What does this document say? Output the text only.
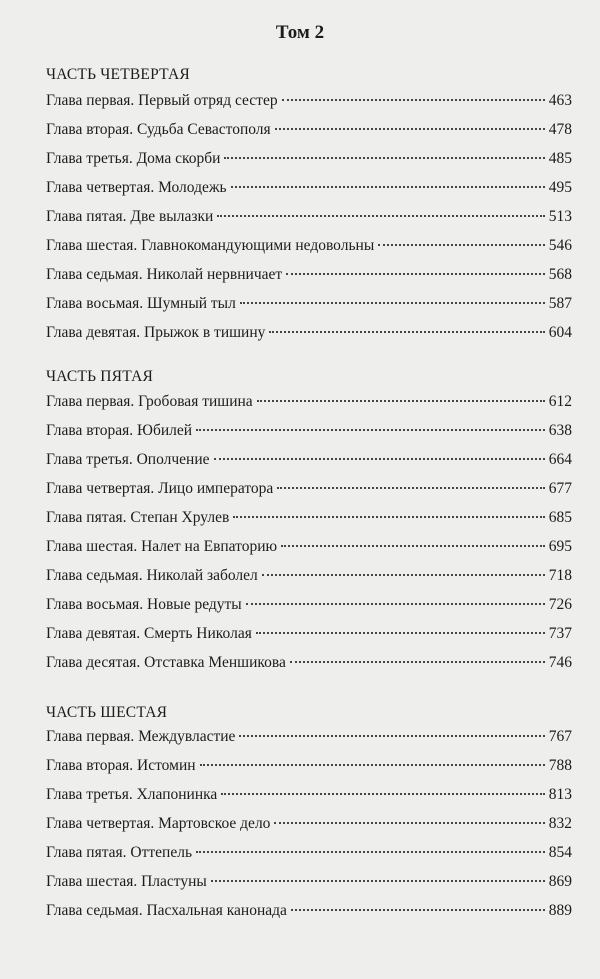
Том 2
ЧАСТЬ ЧЕТВЕРТАЯ
Глава первая. Первый отряд сестер	463
Глава вторая. Судьба Севастополя	478
Глава третья. Дома скорби	485
Глава четвертая. Молодежь	495
Глава пятая. Две вылазки	513
Глава шестая. Главнокомандующими недовольны	546
Глава седьмая. Николай нервничает	568
Глава восьмая. Шумный тыл	587
Глава девятая. Прыжок в тишину	604
ЧАСТЬ ПЯТАЯ
Глава первая. Гробовая тишина	612
Глава вторая. Юбилей	638
Глава третья. Ополчение	664
Глава четвертая. Лицо императора	677
Глава пятая. Степан Хрулев	685
Глава шестая. Налет на Евпаторию	695
Глава седьмая. Николай заболел	718
Глава восьмая. Новые редуты	726
Глава девятая. Смерть Николая	737
Глава десятая. Отставка Меншикова	746
ЧАСТЬ ШЕСТАЯ
Глава первая. Междувластие	767
Глава вторая. Истомин	788
Глава третья. Хлапонинка	813
Глава четвертая. Мартовское дело	832
Глава пятая. Оттепель	854
Глава шестая. Пластуны	869
Глава седьмая. Пасхальная канонада	889
